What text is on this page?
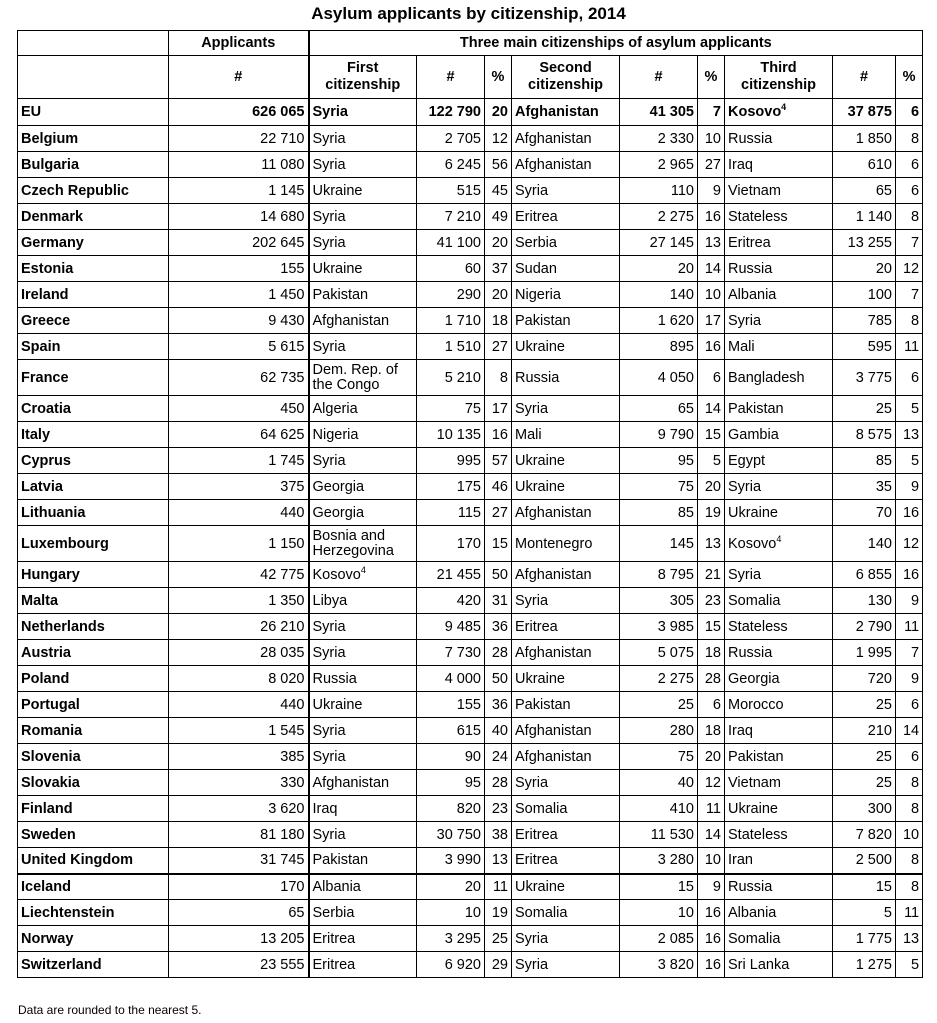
Asylum applicants by citizenship, 2014
	Applicants	Three main citizenships of asylum applicants								
	#	First citizenship	#	%	Second citizenship	#	%	Third citizenship	#	%
EU	626 065	Syria	122 790	20	Afghanistan	41 305	7	Kosovo$^4$	37 875	6
Belgium	22 710	Syria	2 705	12	Afghanistan	2 330	10	Russia	1 850	8
Bulgaria	11 080	Syria	6 245	56	Afghanistan	2 965	27	Iraq	610	6
Czech Republic	1 145	Ukraine	515	45	Syria	110	9	Vietnam	65	6
Denmark	14 680	Syria	7 210	49	Eritrea	2 275	16	Stateless	1 140	8
Germany	202 645	Syria	41 100	20	Serbia	27 145	13	Eritrea	13 255	7
Estonia	155	Ukraine	60	37	Sudan	20	14	Russia	20	12
Ireland	1 450	Pakistan	290	20	Nigeria	140	10	Albania	100	7
Greece	9 430	Afghanistan	1 710	18	Pakistan	1 620	17	Syria	785	8
Spain	5 615	Syria	1 510	27	Ukraine	895	16	Mali	595	11
France	62 735	Dem. Rep. of the Congo	5 210	8	Russia	4 050	6	Bangladesh	3 775	6
Croatia	450	Algeria	75	17	Syria	65	14	Pakistan	25	5
Italy	64 625	Nigeria	10 135	16	Mali	9 790	15	Gambia	8 575	13
Cyprus	1 745	Syria	995	57	Ukraine	95	5	Egypt	85	5
Latvia	375	Georgia	175	46	Ukraine	75	20	Syria	35	9
Lithuania	440	Georgia	115	27	Afghanistan	85	19	Ukraine	70	16
Luxembourg	1 150	Bosnia and Herzegovina	170	15	Montenegro	145	13	Kosovo$^4$	140	12
Hungary	42 775	Kosovo$^4$	21 455	50	Afghanistan	8 795	21	Syria	6 855	16
Malta	1 350	Libya	420	31	Syria	305	23	Somalia	130	9
Netherlands	26 210	Syria	9 485	36	Eritrea	3 985	15	Stateless	2 790	11
Austria	28 035	Syria	7 730	28	Afghanistan	5 075	18	Russia	1 995	7
Poland	8 020	Russia	4 000	50	Ukraine	2 275	28	Georgia	720	9
Portugal	440	Ukraine	155	36	Pakistan	25	6	Morocco	25	6
Romania	1 545	Syria	615	40	Afghanistan	280	18	Iraq	210	14
Slovenia	385	Syria	90	24	Afghanistan	75	20	Pakistan	25	6
Slovakia	330	Afghanistan	95	28	Syria	40	12	Vietnam	25	8
Finland	3 620	Iraq	820	23	Somalia	410	11	Ukraine	300	8
Sweden	81 180	Syria	30 750	38	Eritrea	11 530	14	Stateless	7 820	10
United Kingdom	31 745	Pakistan	3 990	13	Eritrea	3 280	10	Iran	2 500	8
Iceland	170	Albania	20	11	Ukraine	15	9	Russia	15	8
Liechtenstein	65	Serbia	10	19	Somalia	10	16	Albania	5	11
Norway	13 205	Eritrea	3 295	25	Syria	2 085	16	Somalia	1 775	13
Switzerland	23 555	Eritrea	6 920	29	Syria	3 820	16	Sri Lanka	1 275	5
Data are rounded to the nearest 5.
